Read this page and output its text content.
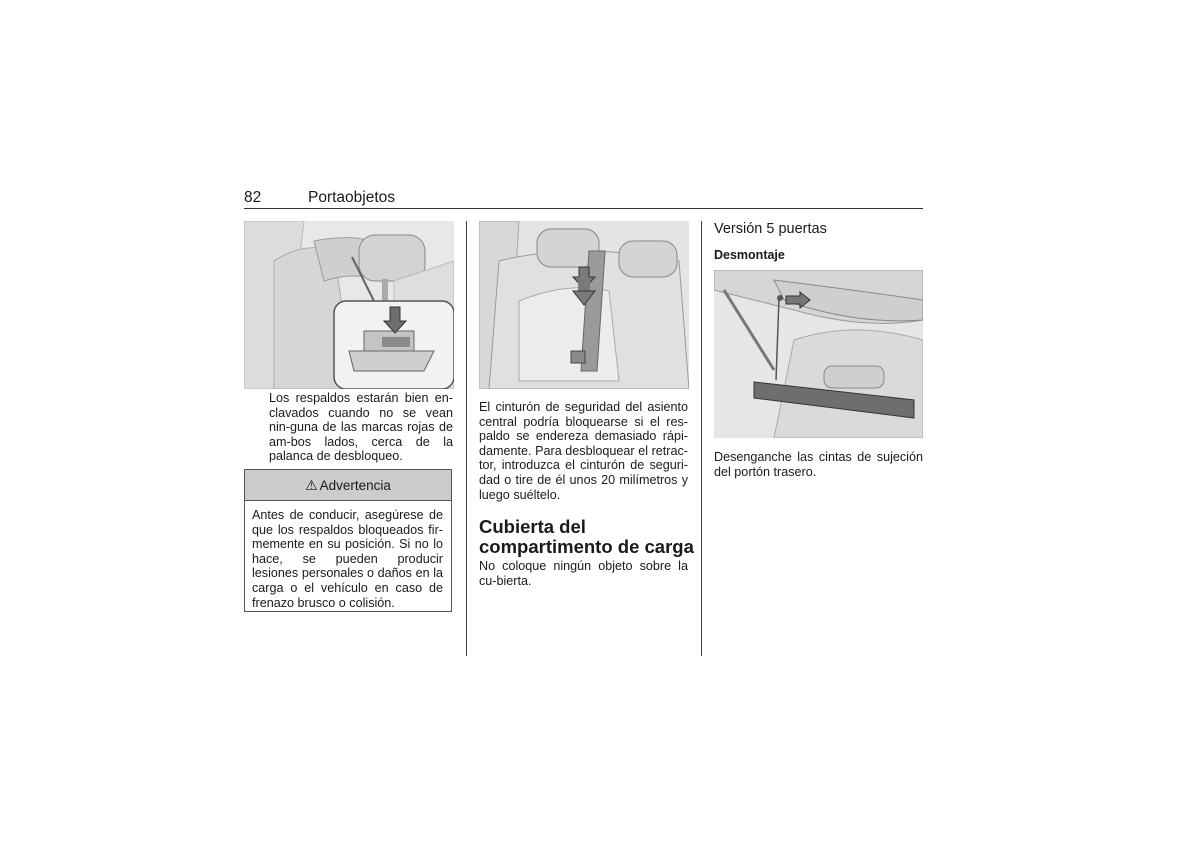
82	Portaobjetos
Los respaldos estarán bien en-clavados cuando no se vean nin-guna de las marcas rojas de am-bos lados, cerca de la palanca de desbloqueo.
⚠ Advertencia
Antes de conducir, asegúrese de que los respaldos bloqueados fir-memente en su posición. Si no lo hace, se pueden producir lesiones personales o daños en la carga o el vehículo en caso de frenazo brusco o colisión.
El cinturón de seguridad del asiento central podría bloquearse si el res-paldo se endereza demasiado rápi-damente. Para desbloquear el retrac-tor, introduzca el cinturón de seguri-dad o tire de él unos 20 milímetros y luego suéltelo.
Cubierta del compartimento de carga
No coloque ningún objeto sobre la cu-bierta.
Versión 5 puertas
Desmontaje
Desenganche las cintas de sujeción del portón trasero.
